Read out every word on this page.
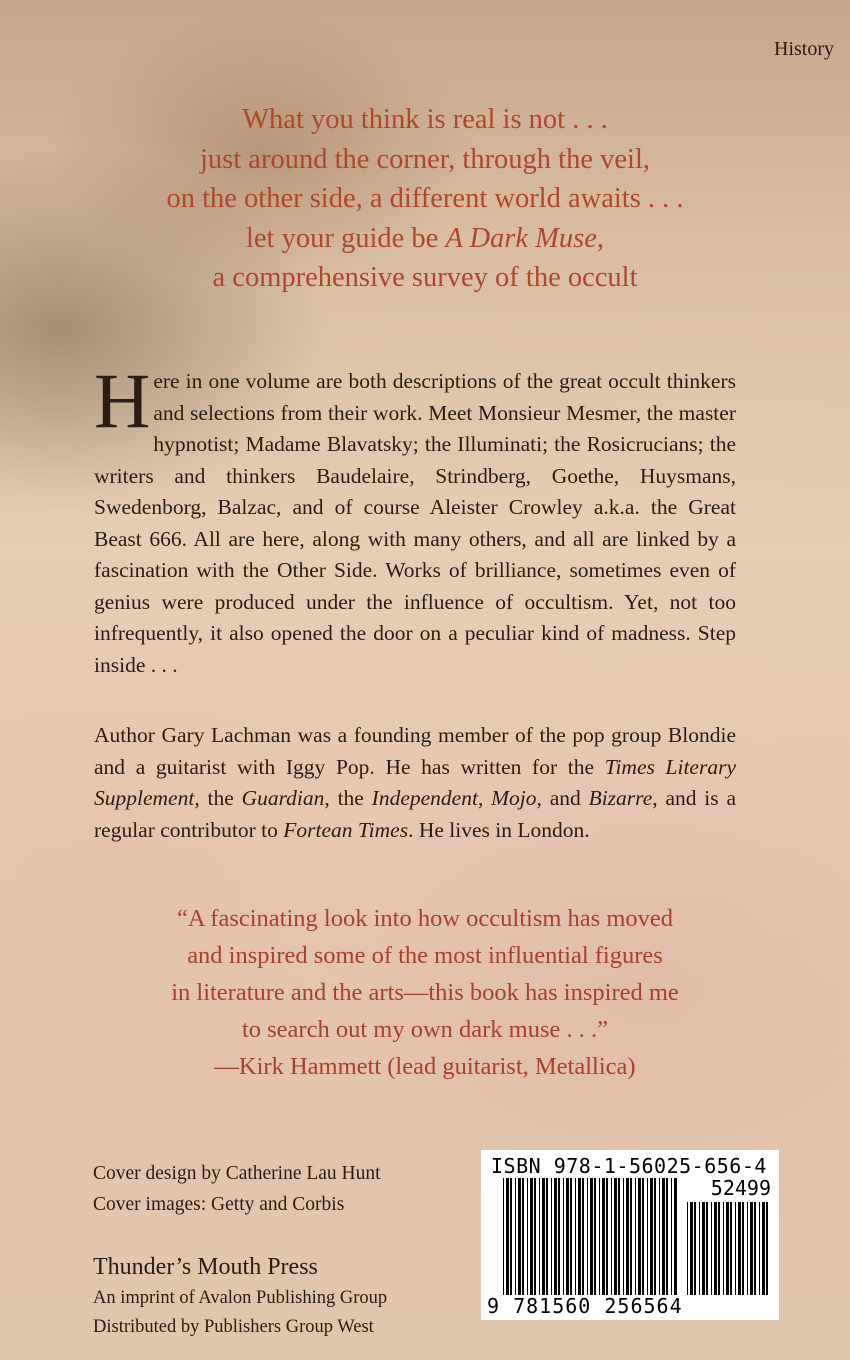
History
What you think is real is not . . .
just around the corner, through the veil,
on the other side, a different world awaits . . .
let your guide be A Dark Muse,
a comprehensive survey of the occult
Here in one volume are both descriptions of the great occult thinkers and selections from their work. Meet Monsieur Mesmer, the master hypnotist; Madame Blavatsky; the Illuminati; the Rosicrucians; the writers and thinkers Baudelaire, Strindberg, Goethe, Huysmans, Swedenborg, Balzac, and of course Aleister Crowley a.k.a. the Great Beast 666. All are here, along with many others, and all are linked by a fascination with the Other Side. Works of brilliance, sometimes even of genius were produced under the influence of occultism. Yet, not too infrequently, it also opened the door on a peculiar kind of madness. Step inside . . .
Author Gary Lachman was a founding member of the pop group Blondie and a guitarist with Iggy Pop. He has written for the Times Literary Supplement, the Guardian, the Independent, Mojo, and Bizarre, and is a regular contributor to Fortean Times. He lives in London.
“A fascinating look into how occultism has moved
and inspired some of the most influential figures
in literature and the arts—this book has inspired me
to search out my own dark muse . . .”
—Kirk Hammett (lead guitarist, Metallica)
Cover design by Catherine Lau Hunt
Cover images: Getty and Corbis
Thunder’s Mouth Press
An imprint of Avalon Publishing Group
Distributed by Publishers Group West
ISBN 978-1-56025-656-4
52499
9 781560 256564
